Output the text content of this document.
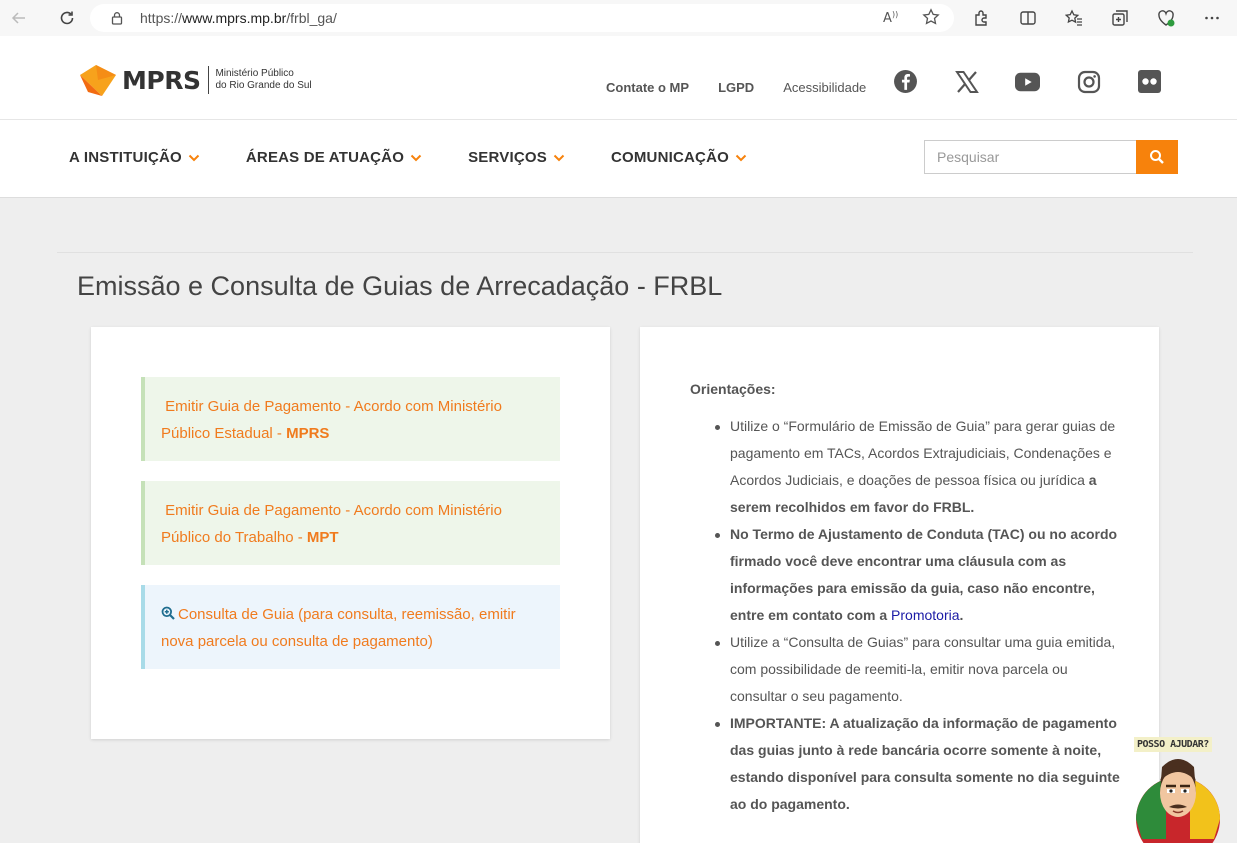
https://www.mprs.mp.br/frbl_ga/	A ))
MPRS Ministério Público
do Rio Grande do Sul	Contate o MP LGPD Acessibilidade
A INSTITUIÇÃO	ÁREAS DE ATUAÇÃO	SERVIÇOS	COMUNICAÇÃO
Pesquisar
Emissão e Consulta de Guias de Arrecadação - FRBL
Emitir Guia de Pagamento - Acordo com Ministério Público Estadual - MPRS
Emitir Guia de Pagamento - Acordo com Ministério Público do Trabalho - MPT
Consulta de Guia (para consulta, reemissão, emitir nova parcela ou consulta de pagamento)
Orientações:
Utilize o “Formulário de Emissão de Guia” para gerar guias de pagamento em TACs, Acordos Extrajudiciais, Condenações e Acordos Judiciais, e doações de pessoa física ou jurídica a serem recolhidos em favor do FRBL.
No Termo de Ajustamento de Conduta (TAC) ou no acordo firmado você deve encontrar uma cláusula com as informações para emissão da guia, caso não encontre, entre em contato com a Promotoria.
Utilize a “Consulta de Guias” para consultar uma guia emitida, com possibilidade de reemiti-la, emitir nova parcela ou consultar o seu pagamento.
IMPORTANTE: A atualização da informação de pagamento das guias junto à rede bancária ocorre somente à noite, estando disponível para consulta somente no dia seguinte ao do pagamento.
POSSO AJUDAR?
